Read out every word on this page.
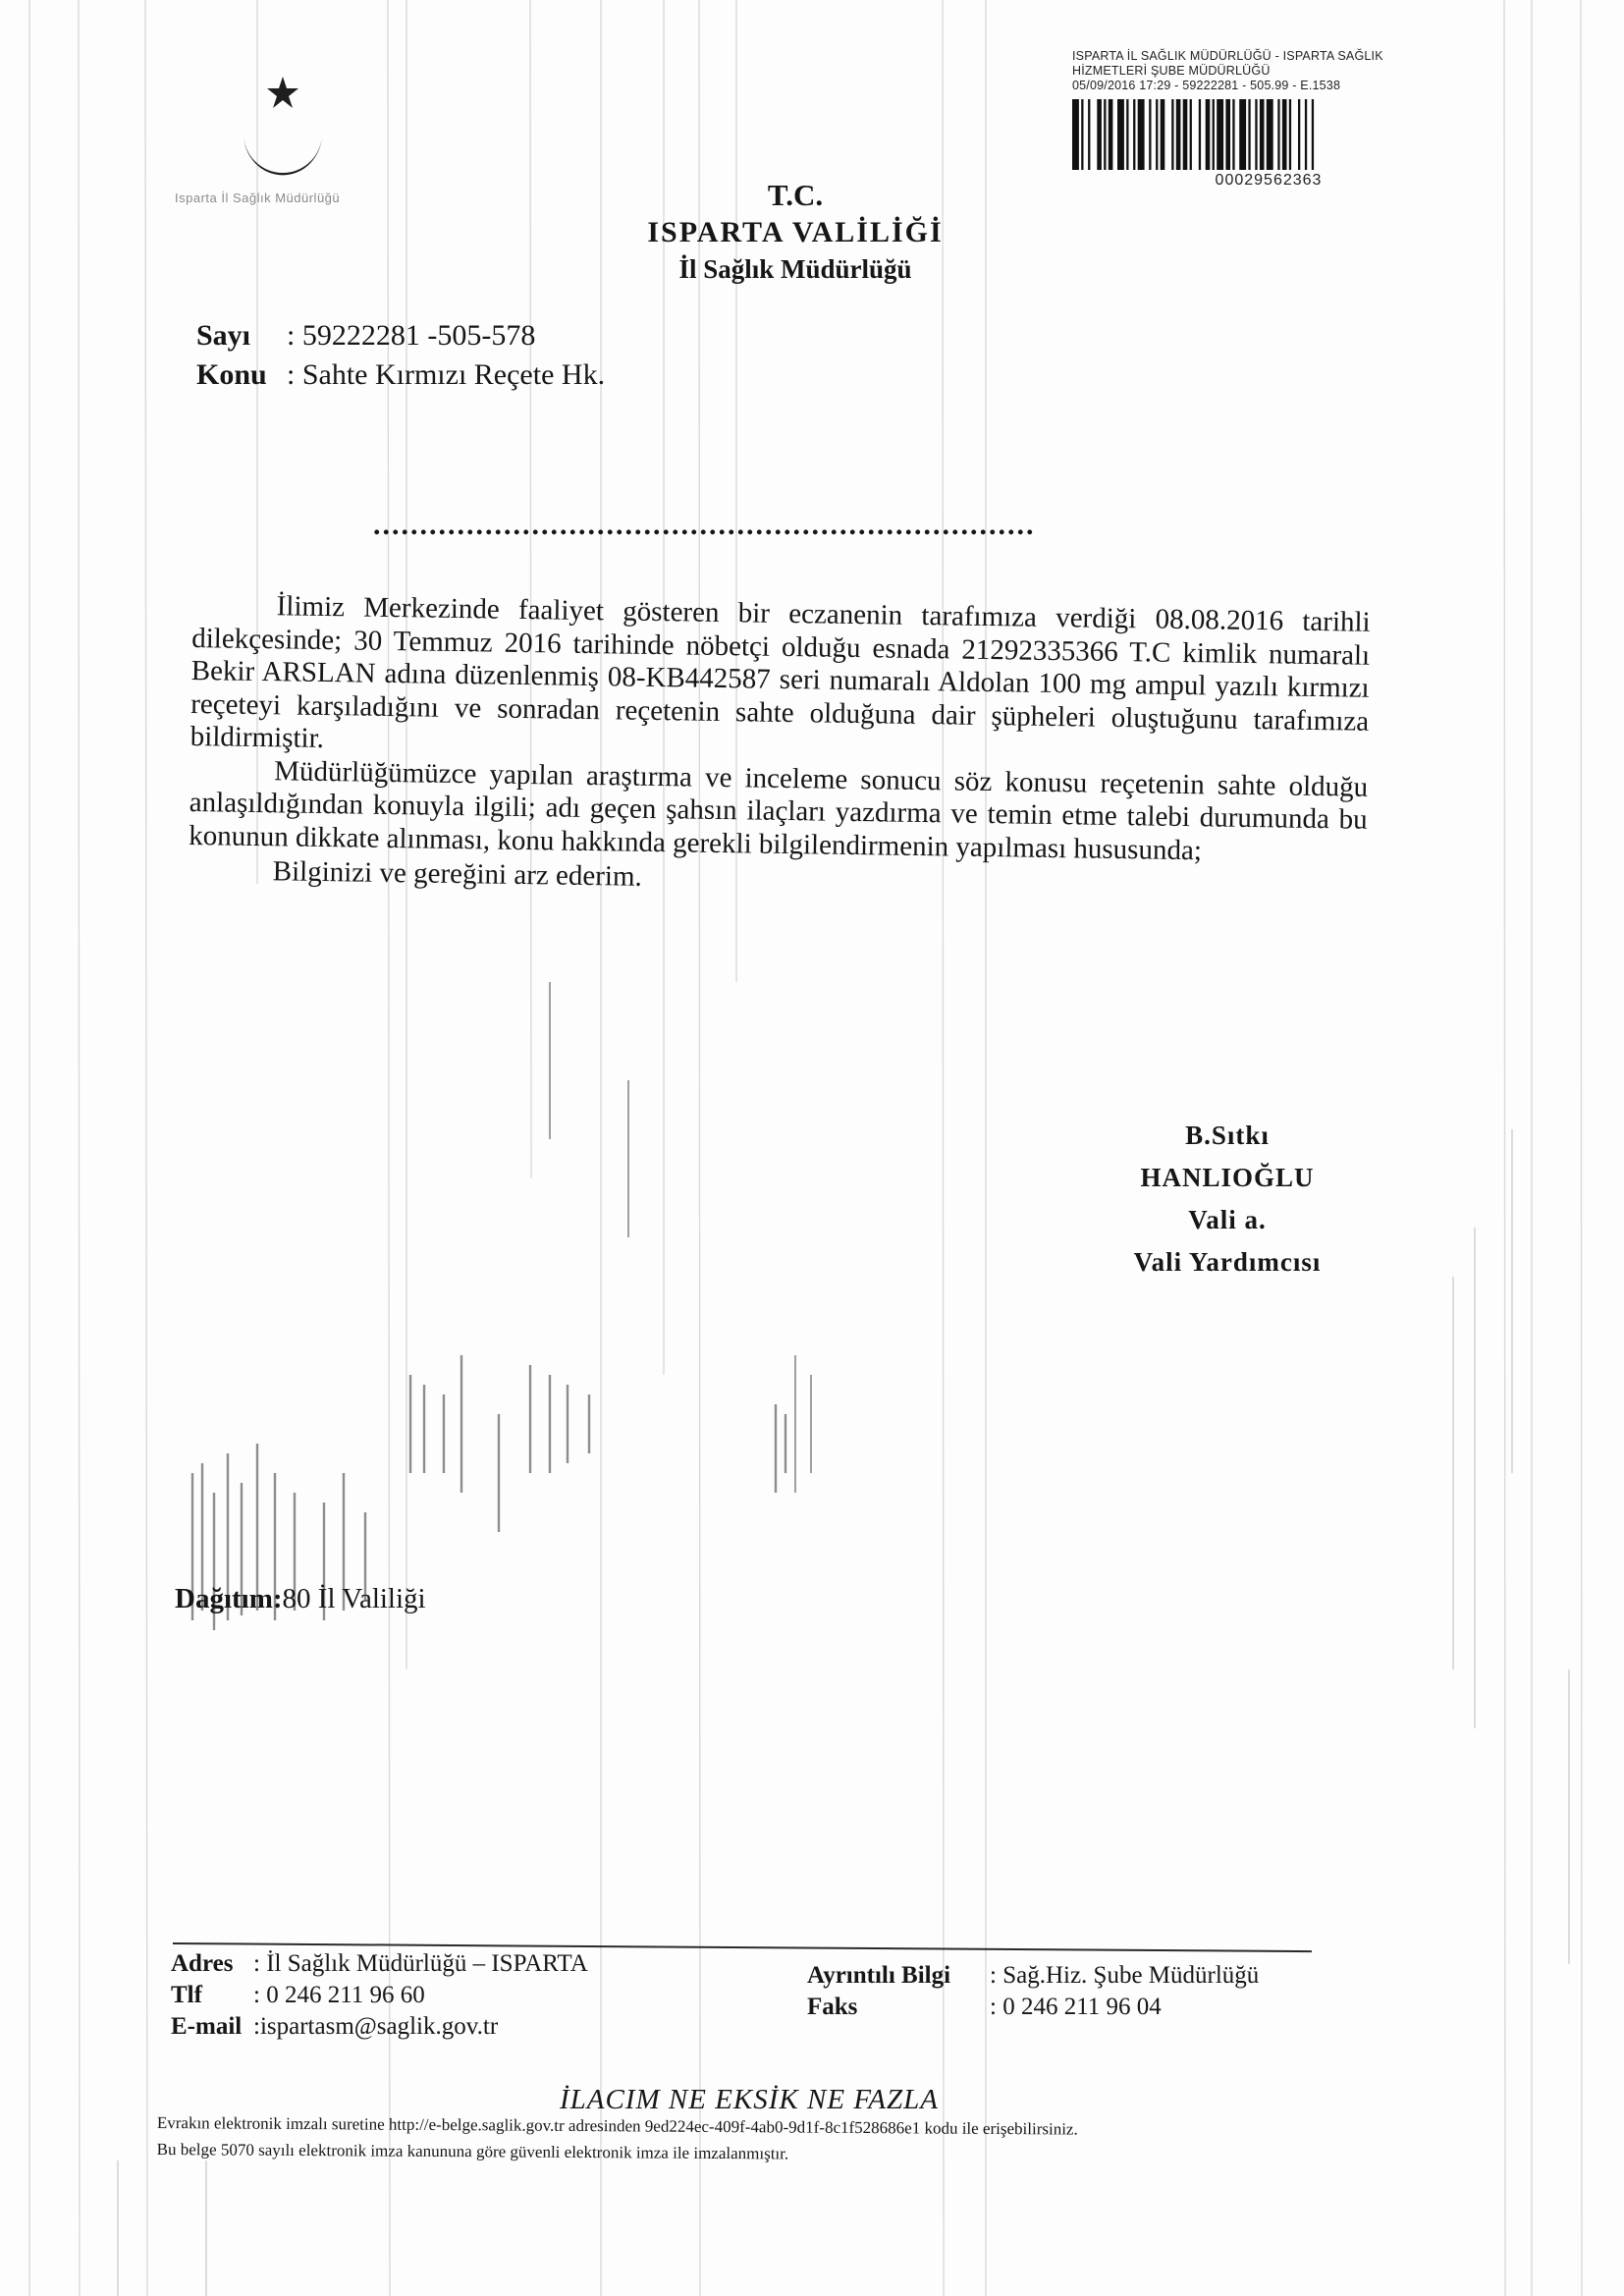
Isparta İl Sağlık Müdürlüğü
ISPARTA İL SAĞLIK MÜDÜRLÜĞÜ - ISPARTA SAĞLIK
HİZMETLERİ ŞUBE MÜDÜRLÜĞÜ
05/09/2016 17:29 - 59222281 - 505.99 - E.1538
00029562363
T.C.
ISPARTA VALİLİĞİ
İl Sağlık Müdürlüğü
Sayı : 59222281 -505-578
Konu : Sahte Kırmızı Reçete Hk.
.......................................................................

İlimiz Merkezinde faaliyet gösteren bir eczanenin tarafımıza verdiği 08.08.2016 tarihli dilekçesinde; 30 Temmuz 2016 tarihinde nöbetçi olduğu esnada 21292335366 T.C kimlik numaralı Bekir ARSLAN adına düzenlenmiş 08-KB442587 seri numaralı Aldolan 100 mg ampul yazılı kırmızı reçeteyi karşıladığını ve sonradan reçetenin sahte olduğuna dair şüpheleri oluştuğunu tarafımıza bildirmiştir.

Müdürlüğümüzce yapılan araştırma ve inceleme sonucu söz konusu reçetenin sahte olduğu anlaşıldığından konuyla ilgili; adı geçen şahsın ilaçları yazdırma ve temin etme talebi durumunda bu konunun dikkate alınması, konu hakkında gerekli bilgilendirmenin yapılması hususunda;

Bilginizi ve gereğini arz ederim.

B.Sıtkı HANLIOĞLU
Vali a.
Vali Yardımcısı
Dağıtım:80 İl Valiliği
Adres : İl Sağlık Müdürlüğü – ISPARTA
Tlf : 0 246 211 96 60
E-mail :ispartasm@saglik.gov.tr
Ayrıntılı Bilgi : Sağ.Hiz. Şube Müdürlüğü
Faks	: 0 246 211 96 04
İLACIM NE EKSİK NE FAZLA
Evrakın elektronik imzalı suretine http://e-belge.saglik.gov.tr adresinden 9ed224ec-409f-4ab0-9d1f-8c1f528686e1 kodu ile erişebilirsiniz.
Bu belge 5070 sayılı elektronik imza kanununa göre güvenli elektronik imza ile imzalanmıştır.
